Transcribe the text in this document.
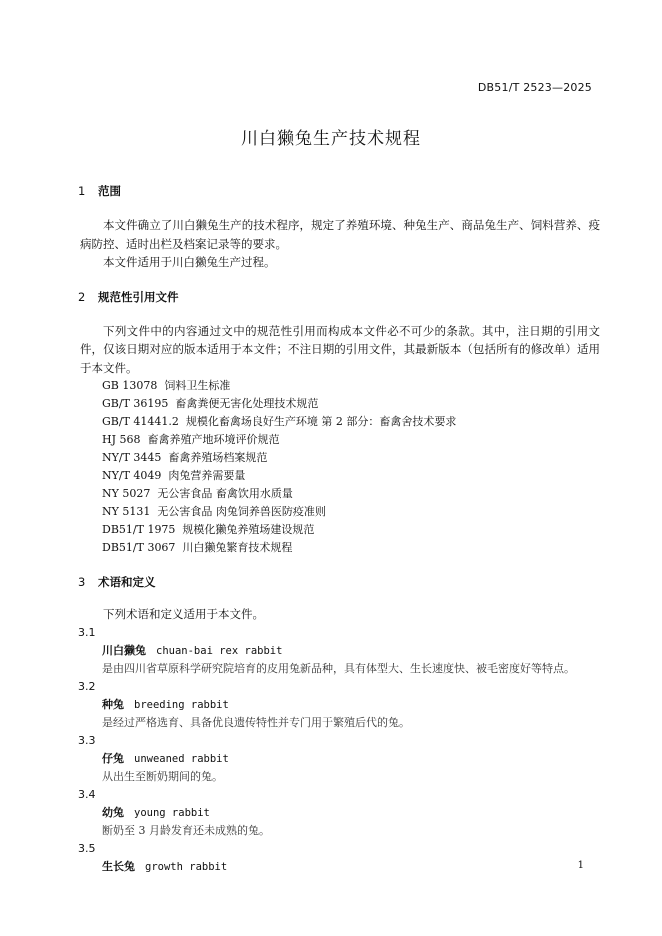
DB51/T 2523—2025
川白獭兔生产技术规程
1	范围
本文件确立了川白獭兔生产的技术程序，规定了养殖环境、种兔生产、商品兔生产、饲料营养、疫病防控、适时出栏及档案记录等的要求。
本文件适用于川白獭兔生产过程。
2	规范性引用文件
下列文件中的内容通过文中的规范性引用而构成本文件必不可少的条款。其中，注日期的引用文件，仅该日期对应的版本适用于本文件；不注日期的引用文件，其最新版本（包括所有的修改单）适用于本文件。
GB 13078  饲料卫生标准
GB/T 36195  畜禽粪便无害化处理技术规范
GB/T 41441.2  规模化畜禽场良好生产环境 第 2 部分：畜禽舍技术要求
HJ 568  畜禽养殖产地环境评价规范
NY/T 3445  畜禽养殖场档案规范
NY/T 4049  肉兔营养需要量
NY 5027  无公害食品 畜禽饮用水质量
NY 5131  无公害食品 肉兔饲养兽医防疫准则
DB51/T 1975  规模化獭兔养殖场建设规范
DB51/T 3067  川白獭兔繁育技术规程
3	术语和定义
下列术语和定义适用于本文件。
3.1
川白獭兔 chuan-bai rex rabbit
是由四川省草原科学研究院培育的皮用兔新品种，具有体型大、生长速度快、被毛密度好等特点。
3.2
种兔 breeding rabbit
是经过严格选育、具备优良遗传特性并专门用于繁殖后代的兔。
3.3
仔兔 unweaned rabbit
从出生至断奶期间的兔。
3.4
幼兔 young rabbit
断奶至 3 月龄发育还未成熟的兔。
3.5
生长兔 growth rabbit	1
